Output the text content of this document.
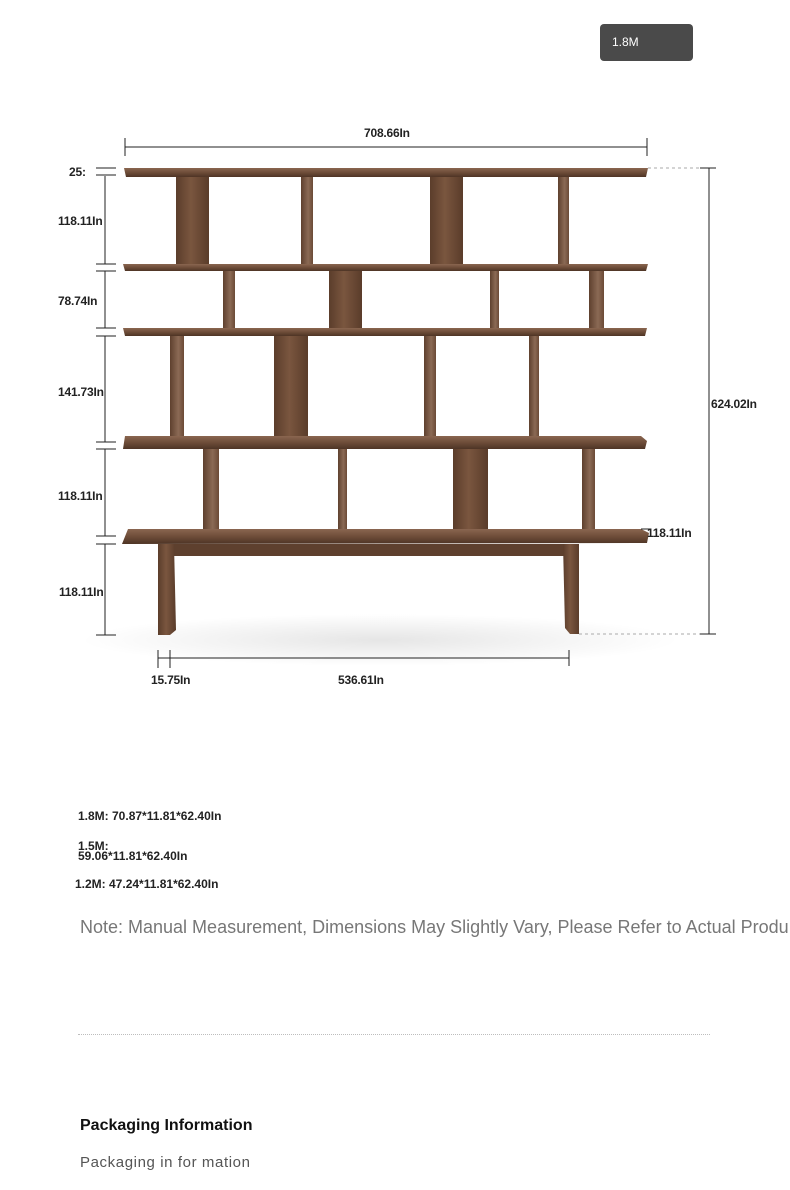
1.8M
708.66In
25:
118.11In
78.74In
141.73In
118.11In
118.11In
624.02In
118.11In
15.75In	536.61In
1.8M: 70.87*11.81*62.40In
1.5M:
59.06*11.81*62.40In
1.2M: 47.24*11.81*62.40In
Note: Manual Measurement, Dimensions May Slightly Vary, Please Refer to Actual Produ
Packaging Information
Packaging in for mation
